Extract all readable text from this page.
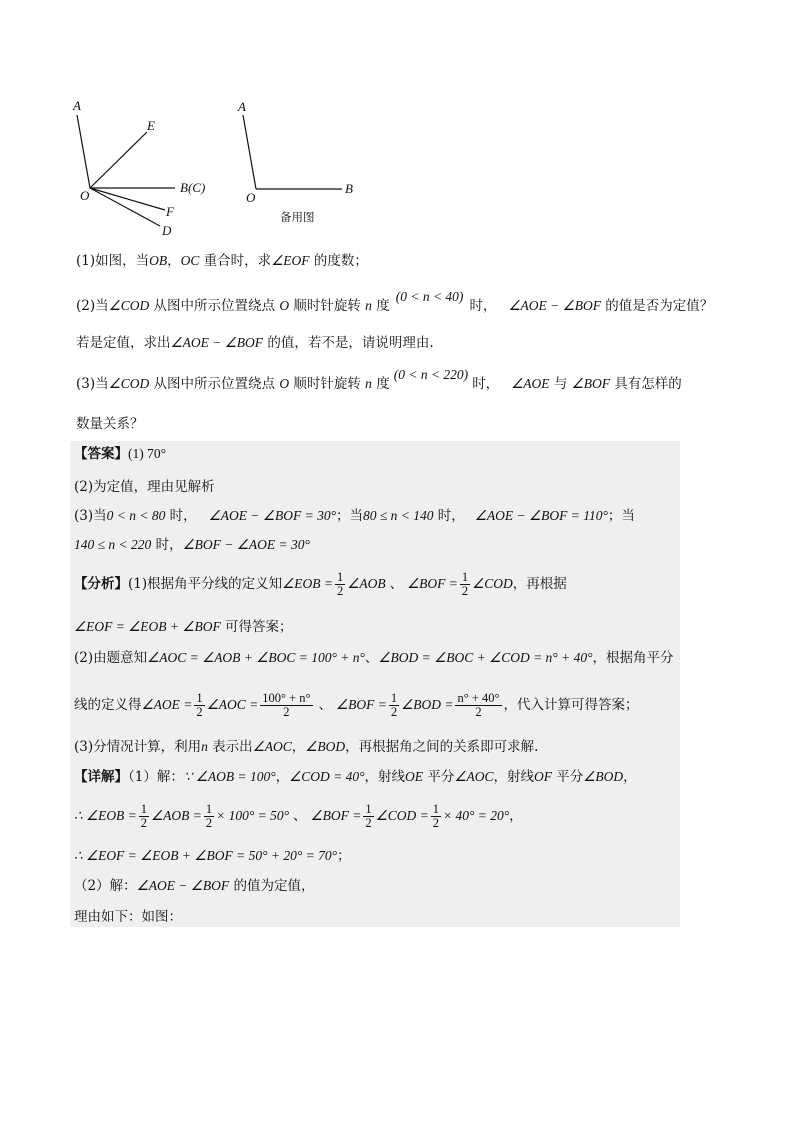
A
E
O
B(C)
F
D
A
O
B
备用图
(1)如图，当OB，OC 重合时，求∠EOF 的度数；
(2)当∠COD 从图中所示位置绕点 O 顺时针旋转 n 度(0 < n < 40)时， ∠AOE − ∠BOF 的值是否为定值？
若是定值，求出∠AOE − ∠BOF 的值，若不是，请说明理由.
(3)当∠COD 从图中所示位置绕点 O 顺时针旋转 n 度(0 < n < 220)时， ∠AOE 与 ∠BOF 具有怎样的
数量关系？
【答案】(1) 70°
(2)为定值，理由见解析
(3)当0 < n < 80 时， ∠AOE − ∠BOF = 30°；当80 ≤ n < 140 时， ∠AOE − ∠BOF = 110°；当
140 ≤ n < 220 时，∠BOF − ∠AOE = 30°
【分析】(1)根据角平分线的定义知∠EOB = $\frac{1}{2}$ ∠AOB 、 ∠BOF = $\frac{1}{2}$ ∠COD，再根据
∠EOF = ∠EOB + ∠BOF 可得答案；
(2)由题意知∠AOC = ∠AOB + ∠BOC = 100° + n°、∠BOD = ∠BOC + ∠COD = n° + 40°，根据角平分
线的定义得∠AOE = $\frac{1}{2}$ ∠AOC = $\frac{100^\circ + n^\circ}{2}$ 、 ∠BOF = $\frac{1}{2}$ ∠BOD = $\frac{n^\circ + 40^\circ}{2}$ ，代入计算可得答案；
(3)分情况计算，利用n 表示出∠AOC，∠BOD，再根据角之间的关系即可求解.
【详解】（1）解：∵ ∠AOB = 100°，∠COD = 40°，射线OE 平分∠AOC，射线OF 平分∠BOD，
∴ ∠EOB = $\frac{1}{2}$ ∠AOB = $\frac{1}{2} \times 100^\circ = 50^\circ$ 、 ∠BOF = $\frac{1}{2}$ ∠COD = $\frac{1}{2} \times 40^\circ = 20^\circ$，
∴ ∠EOF = ∠EOB + ∠BOF = 50° + 20° = 70°；
（2）解：∠AOE − ∠BOF 的值为定值，
理由如下：如图：
